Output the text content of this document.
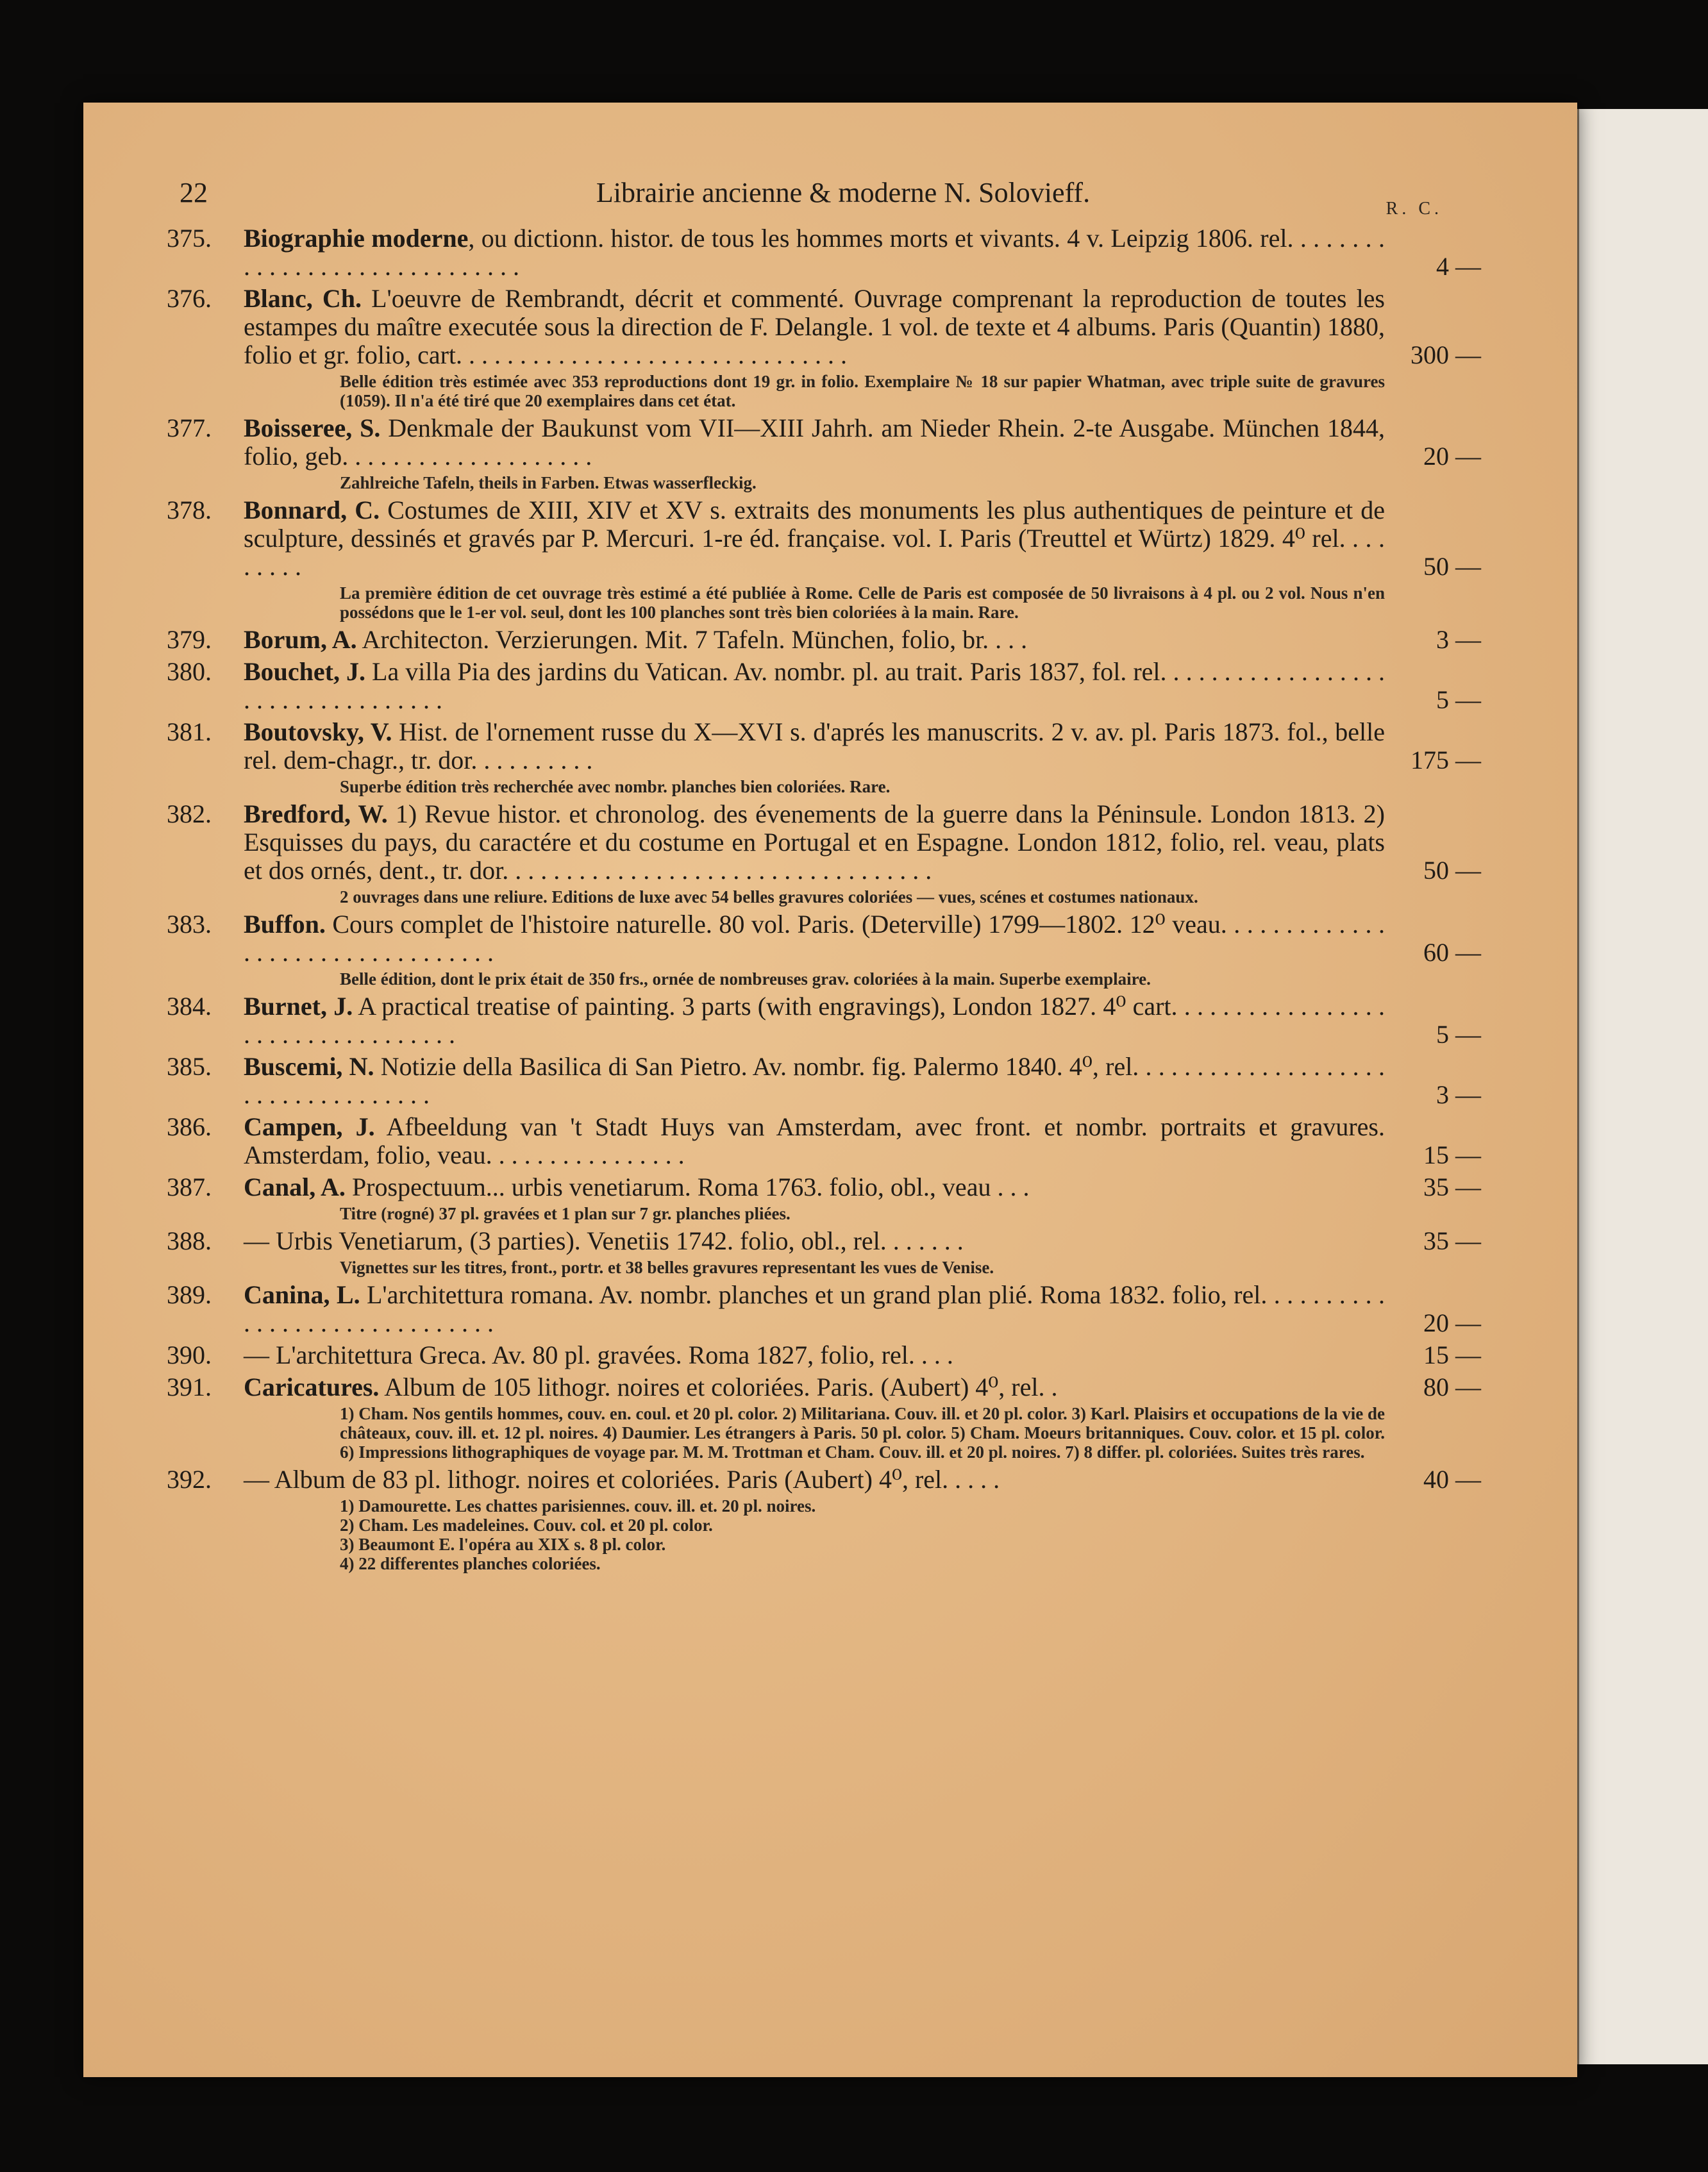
22	Librairie ancienne & moderne N. Solovieff.
R. C.
375.	Biographie moderne, ou dictionn. histor. de tous les hommes morts et vivants. 4 v. Leipzig 1806. rel. . . . . . . . . . . . . . . . . . . . . . . . . . . . . .	4 —
376.	Blanc, Ch. L'oeuvre de Rembrandt, décrit et commenté. Ouvrage comprenant la reproduction de toutes les estampes du maître executée sous la direction de F. Delangle. 1 vol. de texte et 4 albums. Paris (Quantin) 1880, folio et gr. folio, cart. . . . . . . . . . . . . . . . . . . . . . . . . . . . . . .	300 —
Belle édition très estimée avec 353 reproductions dont 19 gr. in folio. Exemplaire № 18 sur papier Whatman, avec triple suite de gravures (1059). Il n'a été tiré que 20 exemplaires dans cet état.
377.	Boisseree, S. Denkmale der Baukunst vom VII—XIII Jahrh. am Nieder Rhein. 2-te Ausgabe. München 1844, folio, geb. . . . . . . . . . . . . . . . . . . .	20 —
Zahlreiche Tafeln, theils in Farben. Etwas wasserfleckig.
378.	Bonnard, C. Costumes de XIII, XIV et XV s. extraits des monuments les plus authentiques de peinture et de sculpture, dessinés et gravés par P. Mercuri. 1-re éd. française. vol. I. Paris (Treuttel et Würtz) 1829. 4⁰ rel. . . . . . . . .	50 —
La première édition de cet ouvrage très estimé a été publiée à Rome. Celle de Paris est composée de 50 livraisons à 4 pl. ou 2 vol. Nous n'en possédons que le 1-er vol. seul, dont les 100 planches sont très bien coloriées à la main. Rare.
379.	Borum, A. Architecton. Verzierungen. Mit. 7 Tafeln. München, folio, br. . . .	3 —
380.	Bouchet, J. La villa Pia des jardins du Vatican. Av. nombr. pl. au trait. Paris 1837, fol. rel. . . . . . . . . . . . . . . . . . . . . . . . . . . . . . . . . .	5 —
381.	Boutovsky, V. Hist. de l'ornement russe du X—XVI s. d'aprés les manuscrits. 2 v. av. pl. Paris 1873. fol., belle rel. dem-chagr., tr. dor. . . . . . . . . .	175 —
Superbe édition très recherchée avec nombr. planches bien coloriées. Rare.
382.	Bredford, W. 1) Revue histor. et chronolog. des évenements de la guerre dans la Péninsule. London 1813. 2) Esquisses du pays, du caractére et du costume en Portugal et en Espagne. London 1812, folio, rel. veau, plats et dos ornés, dent., tr. dor. . . . . . . . . . . . . . . . . . . . . . . . . . . . . . . . . .	50 —
2 ouvrages dans une reliure. Editions de luxe avec 54 belles gravures coloriées — vues, scénes et costumes nationaux.
383.	Buffon. Cours complet de l'histoire naturelle. 80 vol. Paris. (Deterville) 1799—1802. 12⁰ veau. . . . . . . . . . . . . . . . . . . . . . . . . . . . . . . . .	60 —
Belle édition, dont le prix était de 350 frs., ornée de nombreuses grav. coloriées à la main. Superbe exemplaire.
384.	Burnet, J. A practical treatise of painting. 3 parts (with engravings), London 1827. 4⁰ cart. . . . . . . . . . . . . . . . . . . . . . . . . . . . . . . . . .	5 —
385.	Buscemi, N. Notizie della Basilica di San Pietro. Av. nombr. fig. Palermo 1840. 4⁰, rel. . . . . . . . . . . . . . . . . . . . . . . . . . . . . . . . . . .	3 —
386.	Campen, J. Afbeeldung van 't Stadt Huys van Amsterdam, avec front. et nombr. portraits et gravures. Amsterdam, folio, veau. . . . . . . . . . . . . . . .	15 —
387.	Canal, A. Prospectuum... urbis venetiarum. Roma 1763. folio, obl., veau . . .	35 —
Titre (rogné) 37 pl. gravées et 1 plan sur 7 gr. planches pliées.
388.	— Urbis Venetiarum, (3 parties). Venetiis 1742. folio, obl., rel. . . . . . .	35 —
Vignettes sur les titres, front., portr. et 38 belles gravures representant les vues de Venise.
389.	Canina, L. L'architettura romana. Av. nombr. planches et un grand plan plié. Roma 1832. folio, rel. . . . . . . . . . . . . . . . . . . . . . . . . . . . . .	20 —
390.	— L'architettura Greca. Av. 80 pl. gravées. Roma 1827, folio, rel. . . .	15 —
391.	Caricatures. Album de 105 lithogr. noires et coloriées. Paris. (Aubert) 4⁰, rel. .	80 —
1) Cham. Nos gentils hommes, couv. en. coul. et 20 pl. color. 2) Militariana. Couv. ill. et 20 pl. color. 3) Karl. Plaisirs et occupations de la vie de châteaux, couv. ill. et. 12 pl. noires. 4) Daumier. Les étrangers à Paris. 50 pl. color. 5) Cham. Moeurs britanniques. Couv. color. et 15 pl. color. 6) Impressions lithographiques de voyage par. M. M. Trottman et Cham. Couv. ill. et 20 pl. noires. 7) 8 differ. pl. coloriées. Suites très rares.
392.	— Album de 83 pl. lithogr. noires et coloriées. Paris (Aubert) 4⁰, rel. . . . .	40 —
1) Damourette. Les chattes parisiennes. couv. ill. et. 20 pl. noires.
2) Cham. Les madeleines. Couv. col. et 20 pl. color.
3) Beaumont E. l'opéra au XIX s. 8 pl. color.
4) 22 differentes planches coloriées.
